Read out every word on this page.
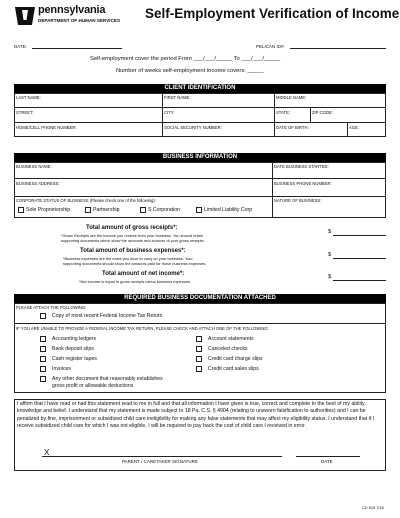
pennsylvania
DEPARTMENT OF HUMAN SERVICES Self-Employment Verification of Income
DATE:	PELICAN ID#:
Self-employment cover the period From ___/___/_____ To ___/___/_____
Number of weeks self-employment income covers: _____
CLIENT IDENTIFICATION
LAST NAME:	FIRST NAME:	MIDDLE NAME:
STREET:	CITY:	STATE:	ZIP CODE:
HOME/CELL PHONE NUMBER:	SOCIAL SECURITY NUMBER:	DATE OF BIRTH:	AGE:
BUSINESS INFORMATION
BUSINESS NAME:	DATE BUSINESS STARTED:
BUSINESS ADDRESS:	BUSINESS PHONE NUMBER:
CORPORATE STATUS OF BUSINESS (Please check one of the following):	NATURE OF BUSINESS:
Sole Proprietorship	Partnership	S Corporation	Limited Liability Corp
Total amount of gross receipts*:
*Gross Receipts are the income you receive from your business. You should retain
supporting documents which show the amounts and sources of your gross receipts.
$
Total amount of business expenses*:
*Business expenses are the costs you incur to carry on your business. Your
supporting documents should show the amounts paid for those business expenses.
$
Total amount of net income*:
*Net income is equal to gross receipts minus business expenses.
$
REQUIRED BUSINESS DOCUMENTATION ATTACHED
PLEASE ATTACH THE FOLLOWING:
Copy of most recent Federal Income Tax Return
IF YOU ARE UNABLE TO PROVIDE A FEDERAL INCOME TAX RETURN, PLEASE CHECK AND ATTACH ONE OF THE FOLLOWING:
Accounting ledgers
Bank deposit slips
Cash register tapes
Invoices
Any other document that reasonably establishes
gross profit or allowable deductions
Account statements
Canceled checks
Credit card charge slips
Credit card sales slips
I affirm that I have read or had this statement read to me in full and that all information I have given is true, correct and complete to the best of my ability, knowledge and belief. I understand that my statement is made subject to 18 Pa. C.S. § 4904 (relating to unsworn falsification to authorities) and I can be penalized by fine, imprisonment or subsidized child care ineligibility for making any false statements that may affect my eligibility status. I understand that if I receive subsidized child care for which I was not eligible, I will be required to pay back the cost of child care I received in error.
X
PARENT / CARETAKER SIGNATURE	DATE
CD 519 7/16
